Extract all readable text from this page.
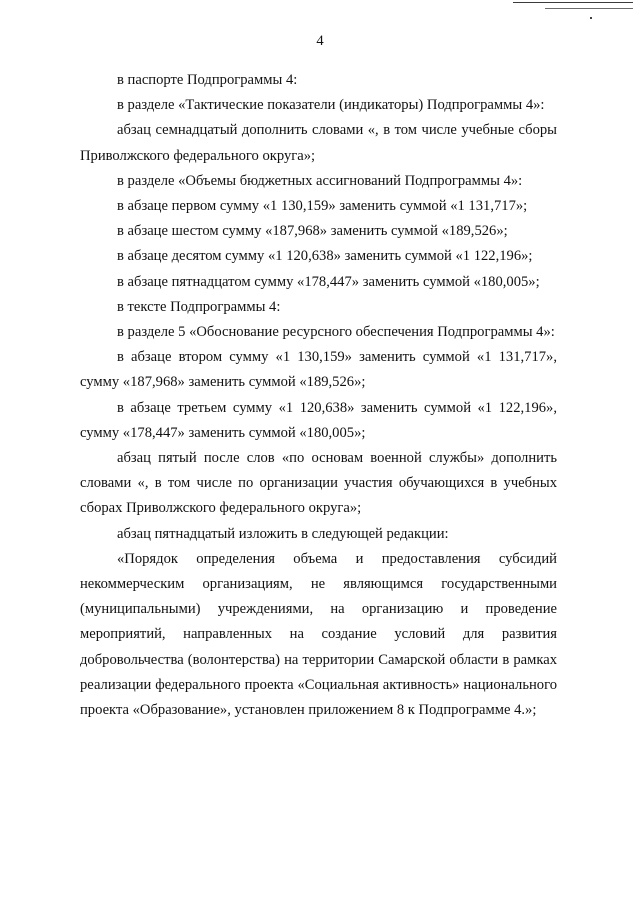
4

в паспорте Подпрограммы 4:

в разделе «Тактические показатели (индикаторы) Подпрограммы 4»:

абзац семнадцатый дополнить словами «, в том числе учебные сборы Приволжского федерального округа»;

в разделе «Объемы бюджетных ассигнований Подпрограммы 4»:

в абзаце первом сумму «1 130,159» заменить суммой «1 131,717»;

в абзаце шестом сумму «187,968» заменить суммой «189,526»;

в абзаце десятом сумму «1 120,638» заменить суммой «1 122,196»;

в абзаце пятнадцатом сумму «178,447» заменить суммой «180,005»;

в тексте Подпрограммы 4:

в разделе 5 «Обоснование ресурсного обеспечения Подпрограммы 4»:

в абзаце втором сумму «1 130,159» заменить суммой «1 131,717», сумму «187,968» заменить суммой «189,526»;

в абзаце третьем сумму «1 120,638» заменить суммой «1 122,196», сумму «178,447» заменить суммой «180,005»;

абзац пятый после слов «по основам военной службы» дополнить словами «, в том числе по организации участия обучающихся в учебных сборах Приволжского федерального округа»;

абзац пятнадцатый изложить в следующей редакции:

«Порядок определения объема и предоставления субсидий некоммерческим организациям, не являющимся государственными (муниципальными) учреждениями, на организацию и проведение мероприятий, направленных на создание условий для развития добровольчества (волонтерства) на территории Самарской области в рамках реализации федерального проекта «Социальная активность» национального проекта «Образование», установлен приложением 8 к Подпрограмме 4.»;
